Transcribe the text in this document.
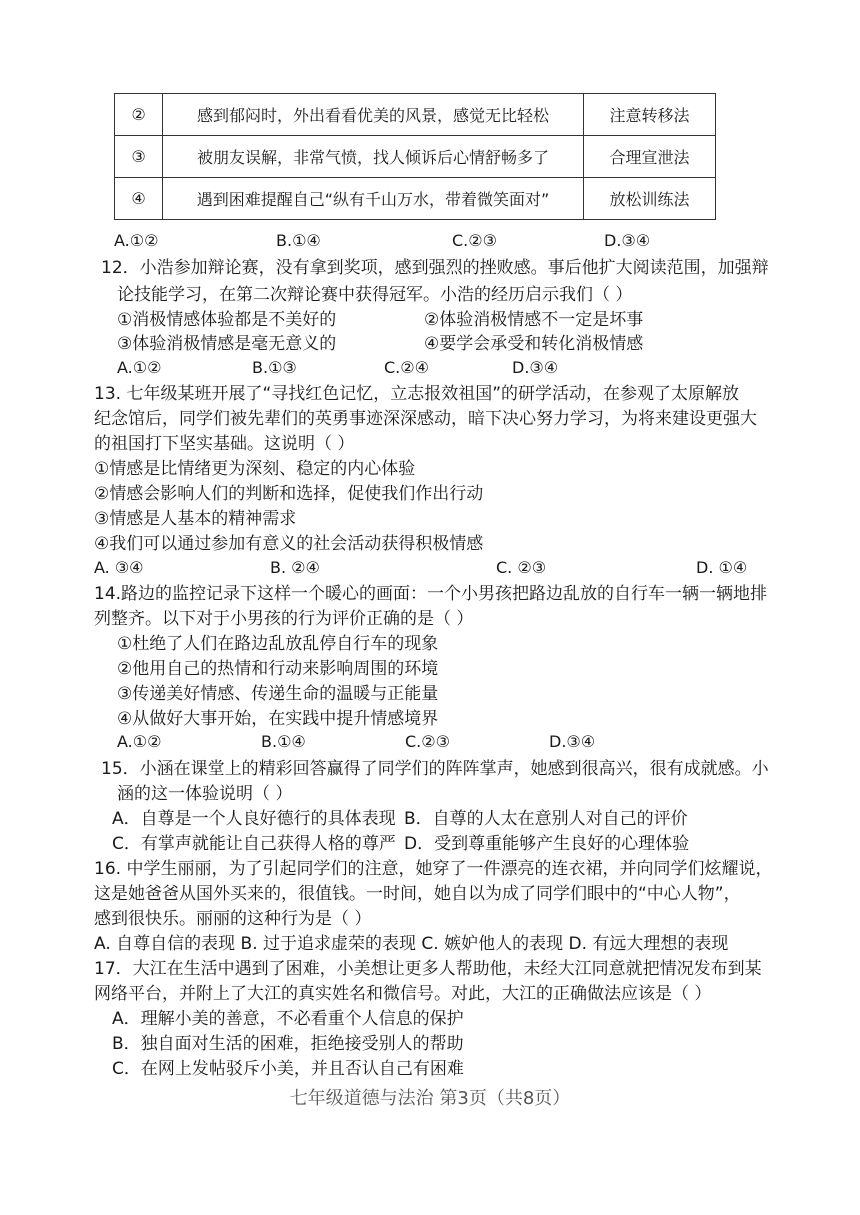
②	感到郁闷时，外出看看优美的风景，感觉无比轻松	注意转移法
③	被朋友误解，非常气愤，找人倾诉后心情舒畅多了	合理宣泄法
④	遇到困难提醒自己“纵有千山万水，带着微笑面对”	放松训练法
A.①②	B.①④	C.②③	D.③④
12．小浩参加辩论赛，没有拿到奖项，感到强烈的挫败感。事后他扩大阅读范围，加强辩
论技能学习，在第二次辩论赛中获得冠军。小浩的经历启示我们（ ）
①消极情感体验都是不美好的	②体验消极情感不一定是坏事
③体验消极情感是毫无意义的	④要学会承受和转化消极情感
A.①②	B.①③	C.②④	D.③④
13. 七年级某班开展了“寻找红色记忆，立志报效祖国”的研学活动，在参观了太原解放
纪念馆后，同学们被先辈们的英勇事迹深深感动，暗下决心努力学习，为将来建设更强大
的祖国打下坚实基础。这说明（ ）
①情感是比情绪更为深刻、稳定的内心体验
②情感会影响人们的判断和选择，促使我们作出行动
③情感是人基本的精神需求
④我们可以通过参加有意义的社会活动获得积极情感
A. ③④	B. ②④	C. ②③	D. ①④
14.路边的监控记录下这样一个暖心的画面：一个小男孩把路边乱放的自行车一辆一辆地排
列整齐。以下对于小男孩的行为评价正确的是（ ）
①杜绝了人们在路边乱放乱停自行车的现象
②他用自己的热情和行动来影响周围的环境
③传递美好情感、传递生命的温暖与正能量
④从做好大事开始，在实践中提升情感境界
A.①②	B.①④	C.②③	D.③④
15．小涵在课堂上的精彩回答赢得了同学们的阵阵掌声，她感到很高兴，很有成就感。小
涵的这一体验说明（ ）
A．自尊是一个人良好德行的具体表现 B．自尊的人太在意别人对自己的评价
C．有掌声就能让自己获得人格的尊严 D．受到尊重能够产生良好的心理体验
16. 中学生丽丽，为了引起同学们的注意，她穿了一件漂亮的连衣裙，并向同学们炫耀说，
这是她爸爸从国外买来的，很值钱。一时间，她自以为成了同学们眼中的“中心人物”，
感到很快乐。丽丽的这种行为是（ ）
A. 自尊自信的表现 B. 过于追求虚荣的表现 C. 嫉妒他人的表现 D. 有远大理想的表现
17．大江在生活中遇到了困难，小美想让更多人帮助他，未经大江同意就把情况发布到某
网络平台，并附上了大江的真实姓名和微信号。对此，大江的正确做法应该是（ ）
A．理解小美的善意，不必看重个人信息的保护
B．独自面对生活的困难，拒绝接受别人的帮助
C．在网上发帖驳斥小美，并且否认自己有困难
七年级道德与法治 第3页（共8页）
